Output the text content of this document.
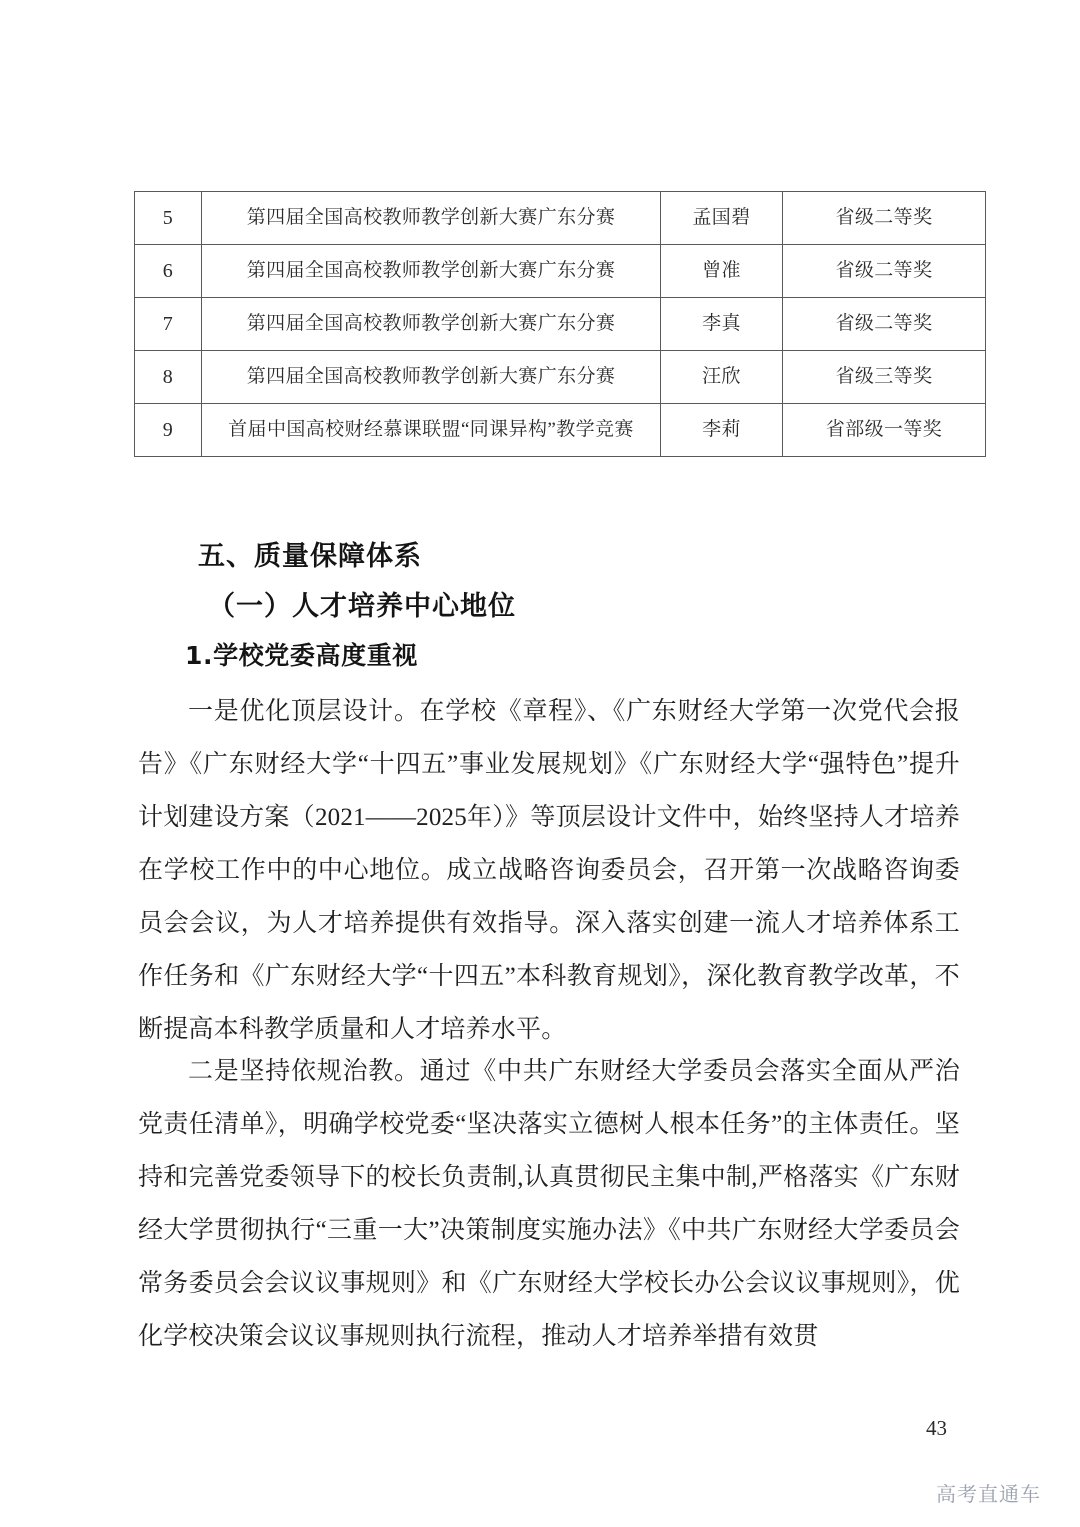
5	第四届全国高校教师教学创新大赛广东分赛	孟国碧	省级二等奖
6	第四届全国高校教师教学创新大赛广东分赛	曾准	省级二等奖
7	第四届全国高校教师教学创新大赛广东分赛	李真	省级二等奖
8	第四届全国高校教师教学创新大赛广东分赛	汪欣	省级三等奖
9	首届中国高校财经慕课联盟“同课异构”教学竞赛	李莉	省部级一等奖
五、质量保障体系
（一）人才培养中心地位
1.学校党委高度重视

一是优化顶层设计。在学校《章程》、《广东财经大学第一次党代会报告》《广东财经大学“十四五”事业发展规划》《广东财经大学“强特色”提升计划建设方案（2021——2025年）》等顶层设计文件中，始终坚持人才培养在学校工作中的中心地位。成立战略咨询委员会，召开第一次战略咨询委员会会议，为人才培养提供有效指导。深入落实创建一流人才培养体系工作任务和《广东财经大学“十四五”本科教育规划》，深化教育教学改革，不断提高本科教学质量和人才培养水平。

二是坚持依规治教。通过《中共广东财经大学委员会落实全面从严治党责任清单》，明确学校党委“坚决落实立德树人根本任务”的主体责任。坚持和完善党委领导下的校长负责制,认真贯彻民主集中制,严格落实《广东财经大学贯彻执行“三重一大”决策制度实施办法》《中共广东财经大学委员会常务委员会会议议事规则》和《广东财经大学校长办公会议议事规则》，优化学校决策会议议事规则执行流程，推动人才培养举措有效贯

43
高考直通车
